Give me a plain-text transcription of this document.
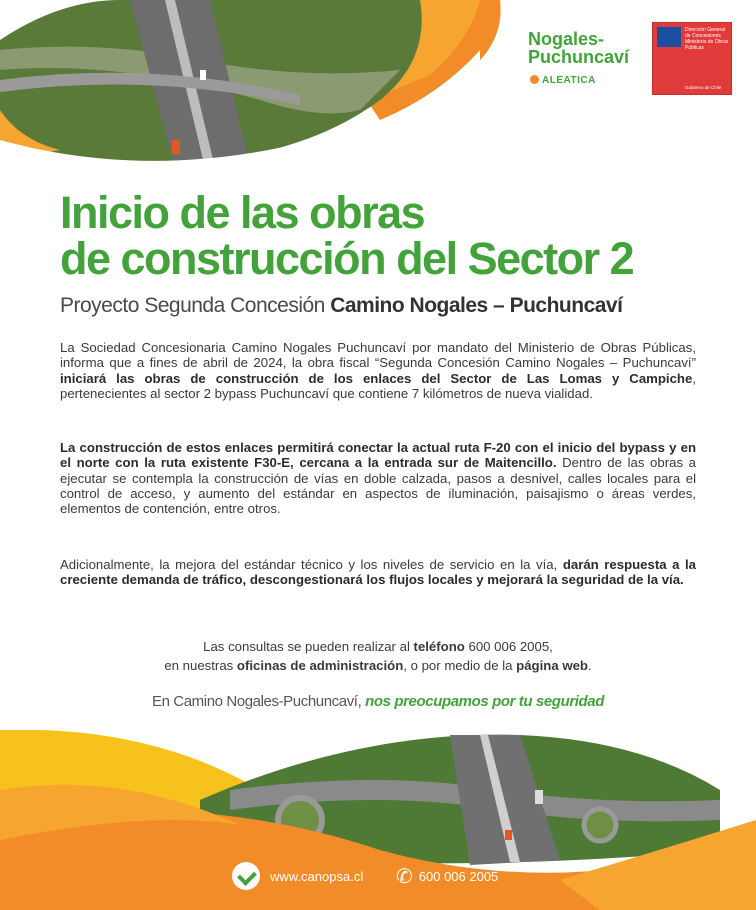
Nogales-
Puchuncaví
ALEATICA
Dirección General de Concesiones Ministerio de Obras Públicas
Gobierno de Chile
Inicio de las obras
de construcción del Sector 2
Proyecto Segunda Concesión Camino Nogales – Puchuncaví

La Sociedad Concesionaria Camino Nogales Puchuncaví por mandato del Ministerio de Obras Públicas, informa que a fines de abril de 2024, la obra fiscal “Segunda Concesión Camino Nogales – Puchuncaví” iniciará las obras de construcción de los enlaces del Sector de Las Lomas y Campiche, pertenecientes al sector 2 bypass Puchuncaví que contiene 7 kilómetros de nueva vialidad.

La construcción de estos enlaces permitirá conectar la actual ruta F-20 con el inicio del bypass y en el norte con la ruta existente F30-E, cercana a la entrada sur de Maitencillo. Dentro de las obras a ejecutar se contempla la construcción de vías en doble calzada, pasos a desnivel, calles locales para el control de acceso, y aumento del estándar en aspectos de iluminación, paisajismo o áreas verdes, elementos de contención, entre otros.

Adicionalmente, la mejora del estándar técnico y los niveles de servicio en la vía, darán respuesta a la creciente demanda de tráfico, descongestionará los flujos locales y mejorará la seguridad de la vía.

Las consultas se pueden realizar al teléfono 600 006 2005,
en nuestras oficinas de administración, o por medio de la página web.
En Camino Nogales-Puchuncaví, nos preocupamos por tu seguridad
www.canopsa.cl ✆ 600 006 2005
